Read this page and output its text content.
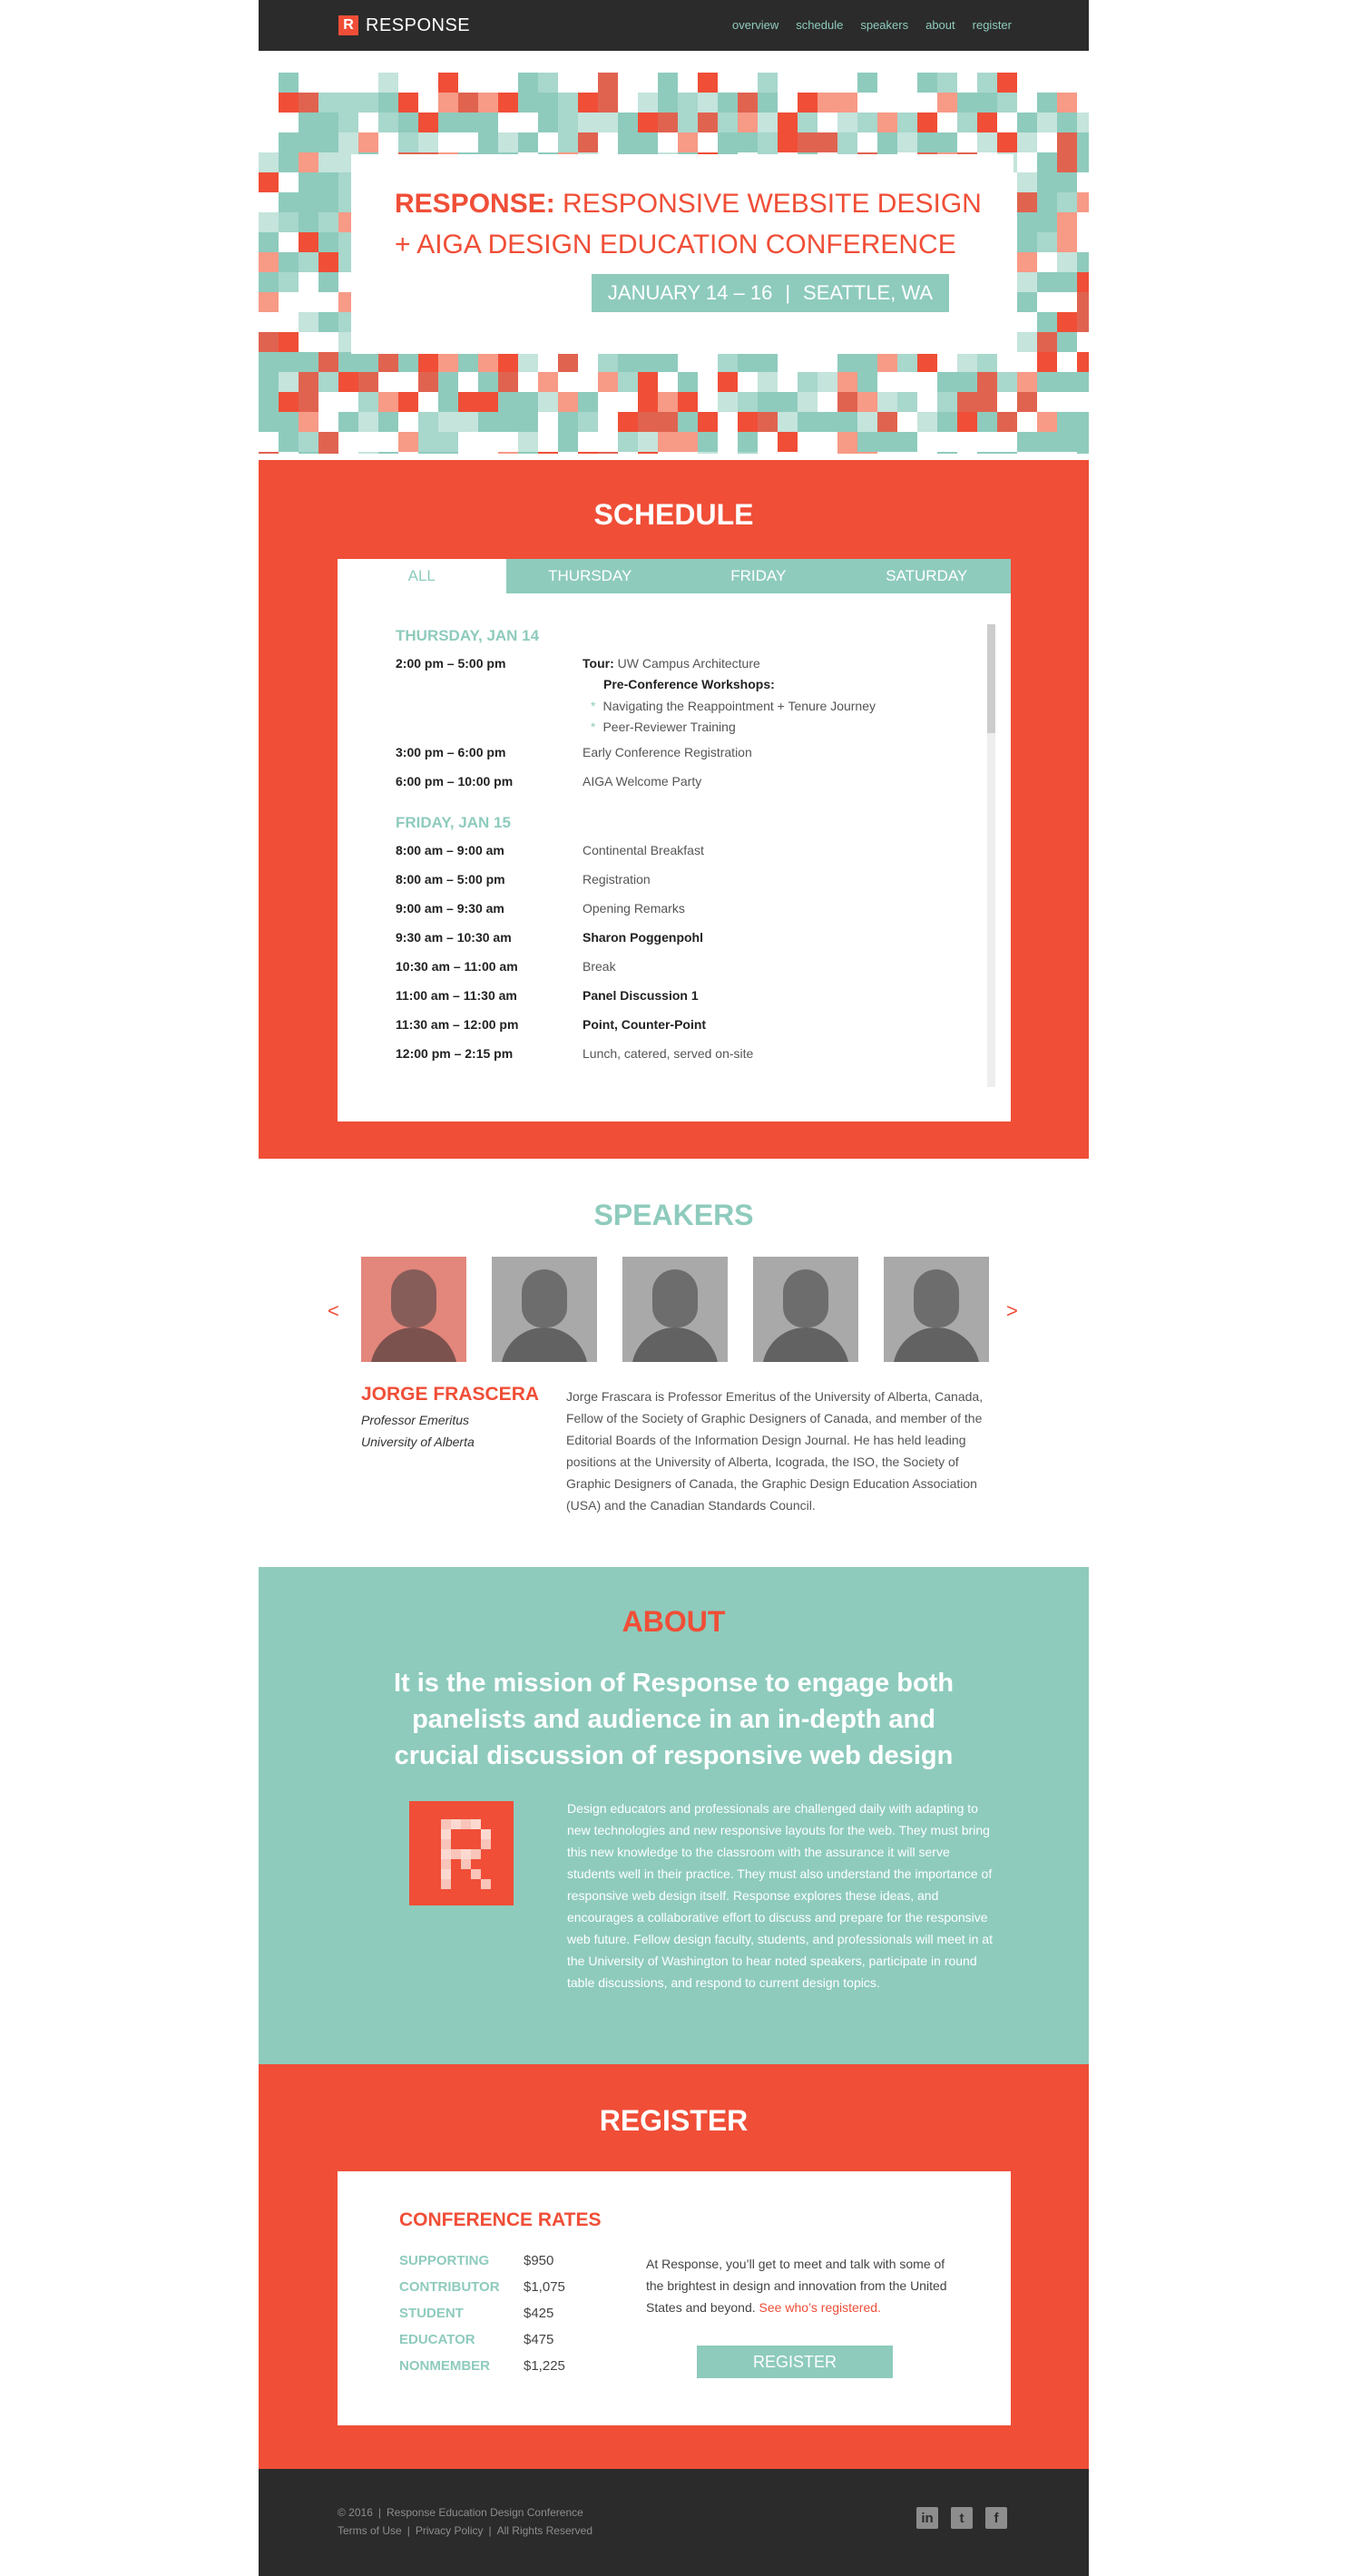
R RESPONSE	overview schedule speakers about register
RESPONSE: RESPONSIVE WEBSITE DESIGN
+ AIGA DESIGN EDUCATION CONFERENCE
JANUARY 14 – 16 | SEATTLE, WA
SCHEDULE
ALL	THURSDAY	FRIDAY	SATURDAY
THURSDAY, JAN 14
2:00 pm – 5:00 pm	Tour: UW Campus Architecture
Pre-Conference Workshops:
* Navigating the Reappointment + Tenure Journey
* Peer-Reviewer Training
3:00 pm – 6:00 pm	Early Conference Registration
6:00 pm – 10:00 pm	AIGA Welcome Party
FRIDAY, JAN 15
8:00 am – 9:00 am	Continental Breakfast
8:00 am – 5:00 pm	Registration
9:00 am – 9:30 am	Opening Remarks
9:30 am – 10:30 am	Sharon Poggenpohl
10:30 am – 11:00 am	Break
11:00 am – 11:30 am	Panel Discussion 1
11:30 am – 12:00 pm	Point, Counter-Point
12:00 pm – 2:15 pm	Lunch, catered, served on-site
SPEAKERS
<	>
JORGE FRASCERA
Professor Emeritus
University of Alberta
Jorge Frascara is Professor Emeritus of the University of Alberta, Canada, Fellow of the Society of Graphic Designers of Canada, and member of the Editorial Boards of the Information Design Journal. He has held leading positions at the University of Alberta, Icograda, the ISO, the Society of Graphic Designers of Canada, the Graphic Design Education Association (USA) and the Canadian Standards Council.
ABOUT
It is the mission of Response to engage both panelists and audience in an in-depth and crucial discussion of responsive web design
Design educators and professionals are challenged daily with adapting to new technologies and new responsive layouts for the web. They must bring this new knowledge to the classroom with the assurance it will serve students well in their practice. They must also understand the importance of responsive web design itself. Response explores these ideas, and encourages a collaborative effort to discuss and prepare for the responsive web future. Fellow design faculty, students, and professionals will meet in at the University of Washington to hear noted speakers, participate in round table discussions, and respond to current design topics.
REGISTER
CONFERENCE RATES
SUPPORTING	$950
CONTRIBUTOR	$1,075
STUDENT	$425
EDUCATOR	$475
NONMEMBER	$1,225
At Response, you’ll get to meet and talk with some of the brightest in design and innovation from the United States and beyond. See who’s registered.
REGISTER
© 2016 | Response Education Design Conference
Terms of Use | Privacy Policy | All Rights Reserved
in	t	f
